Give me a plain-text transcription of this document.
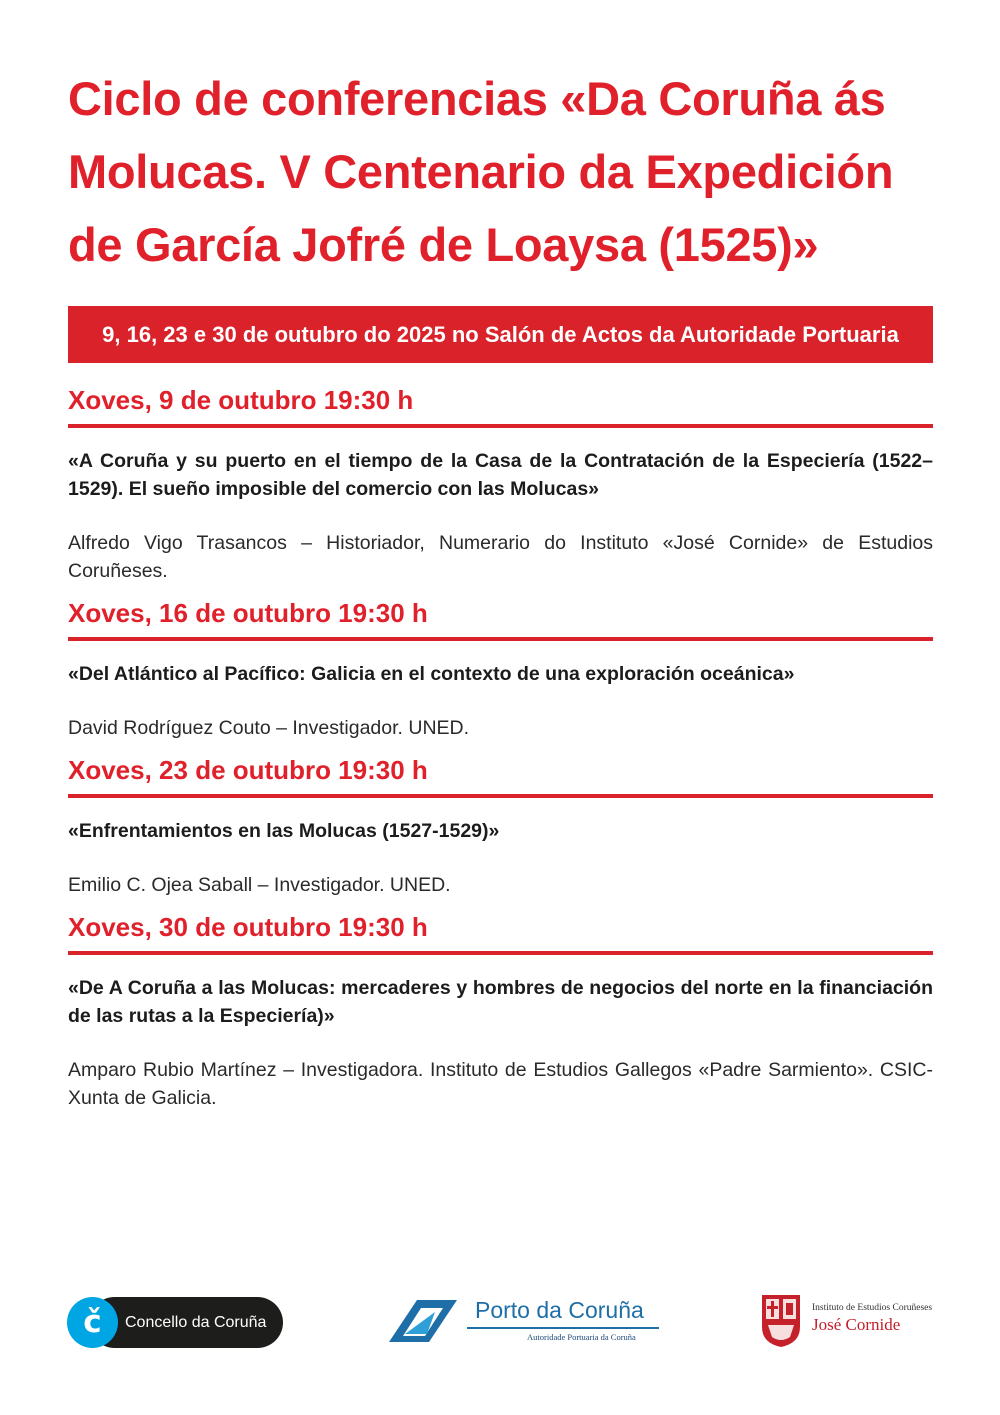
Ciclo de conferencias «Da Coruña ás
Molucas. V Centenario da Expedición
de García Jofré de Loaysa (1525)»
9, 16, 23 e 30 de outubro do 2025 no Salón de Actos da Autoridade Portuaria
Xoves, 9 de outubro 19:30 h
«A Coruña y su puerto en el tiempo de la Casa de la Contratación de la Especiería (1522–1529). El sueño imposible del comercio con las Molucas»
Alfredo Vigo Trasancos – Historiador, Numerario do Instituto «José Cornide» de Estudios Coruñeses.
Xoves, 16 de outubro 19:30 h
«Del Atlántico al Pacífico: Galicia en el contexto de una exploración oceánica»
David Rodríguez Couto – Investigador. UNED.
Xoves, 23 de outubro 19:30 h
«Enfrentamientos en las Molucas (1527-1529)»
Emilio C. Ojea Saball – Investigador. UNED.
Xoves, 30 de outubro 19:30 h
«De A Coruña a las Molucas: mercaderes y hombres de negocios del norte en la financiación de las rutas a la Especiería)»
Amparo Rubio Martínez – Investigadora. Instituto de Estudios Gallegos «Padre Sarmiento». CSIC-Xunta de Galicia.
č	Concello da Coruña	Porto da Coruña
Autoridade Portuaria da Coruña
Instituto de Estudios Coruñeses
José Cornide
